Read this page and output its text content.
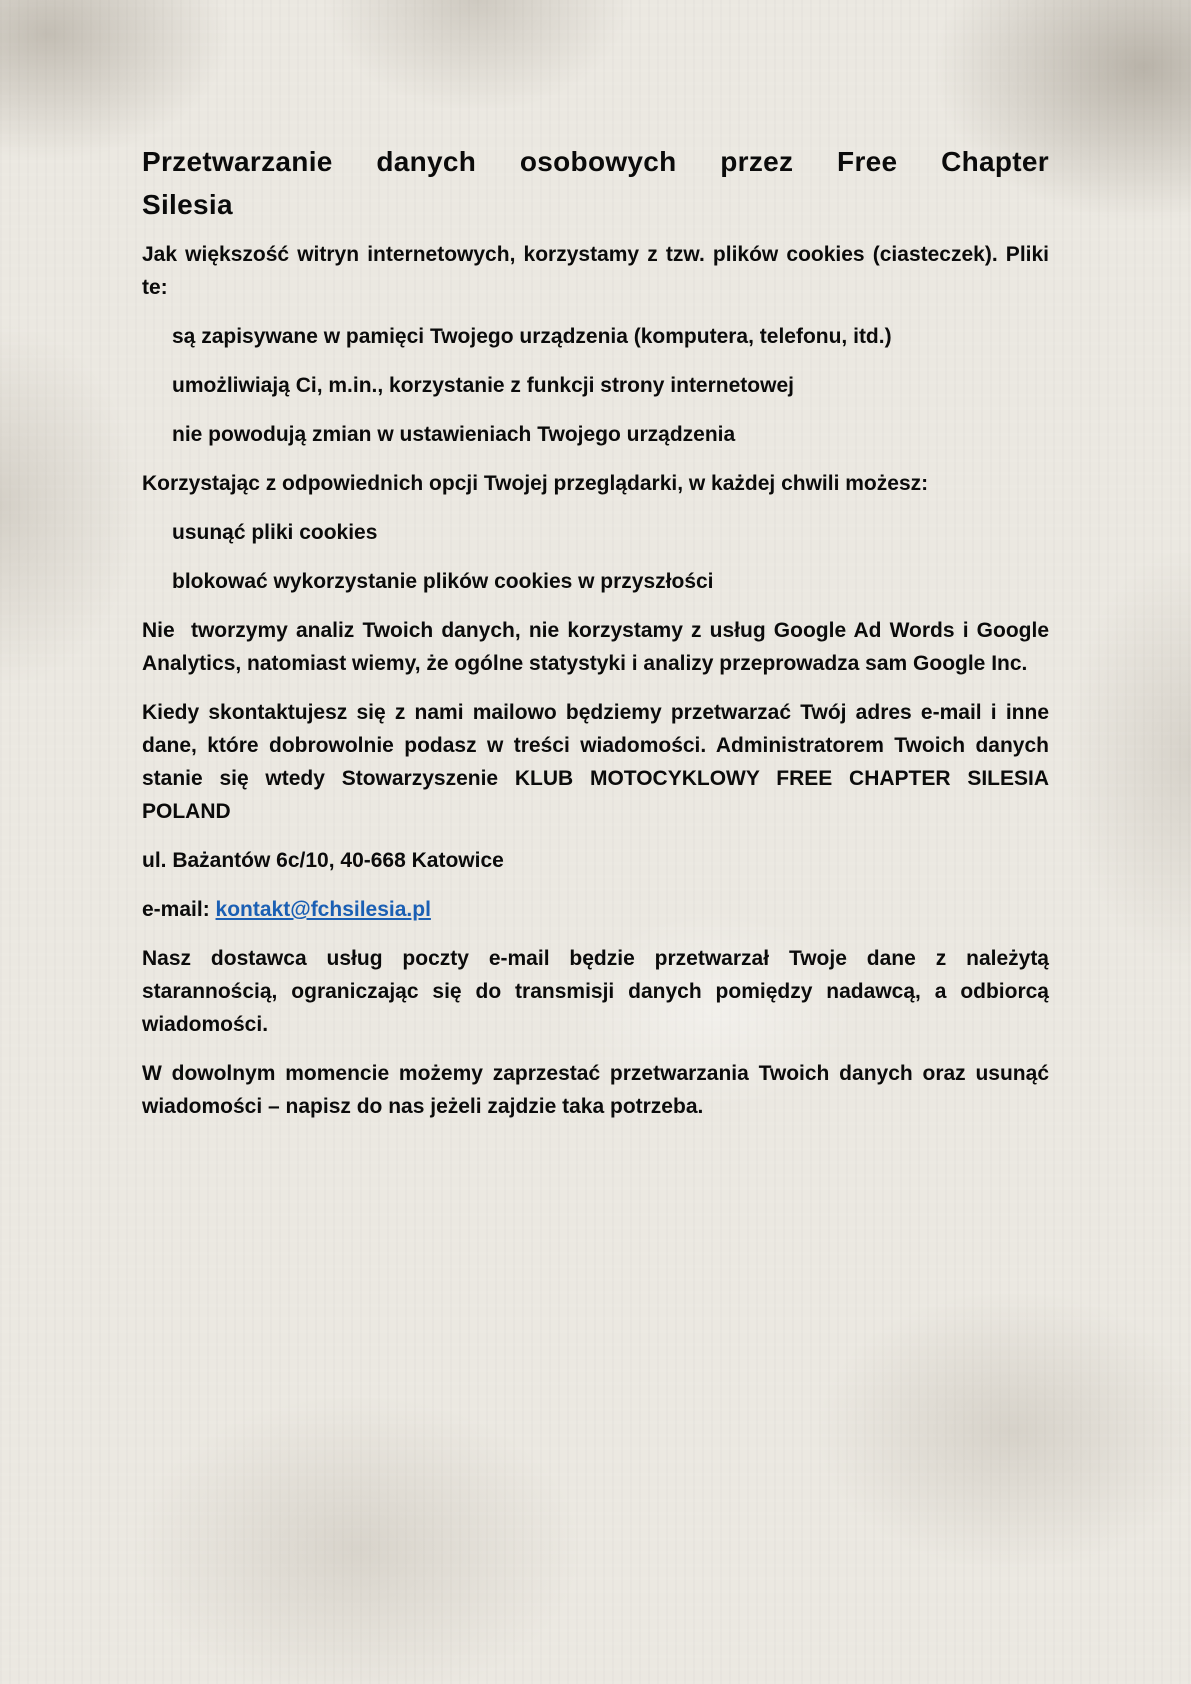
Przetwarzanie danych osobowych przez Free Chapter Silesia

Jak większość witryn internetowych, korzystamy z tzw. plików cookies (ciasteczek). Pliki te:

są zapisywane w pamięci Twojego urządzenia (komputera, telefonu, itd.)

umożliwiają Ci, m.in., korzystanie z funkcji strony internetowej

nie powodują zmian w ustawieniach Twojego urządzenia

Korzystając z odpowiednich opcji Twojej przeglądarki, w każdej chwili możesz:

usunąć pliki cookies

blokować wykorzystanie plików cookies w przyszłości

Nie  tworzymy analiz Twoich danych, nie korzystamy z usług Google Ad Words i Google Analytics, natomiast wiemy, że ogólne statystyki i analizy przeprowadza sam Google Inc.

Kiedy skontaktujesz się z nami mailowo będziemy przetwarzać Twój adres e-mail i inne dane, które dobrowolnie podasz w treści wiadomości. Administratorem Twoich danych stanie się wtedy Stowarzyszenie KLUB MOTOCYKLOWY FREE CHAPTER SILESIA POLAND

ul. Bażantów 6c/10, 40-668 Katowice

e-mail: kontakt@fchsilesia.pl

Nasz dostawca usług poczty e-mail będzie przetwarzał Twoje dane z należytą starannością, ograniczając się do transmisji danych pomiędzy nadawcą, a odbiorcą wiadomości.

W dowolnym momencie możemy zaprzestać przetwarzania Twoich danych oraz usunąć wiadomości – napisz do nas jeżeli zajdzie taka potrzeba.
